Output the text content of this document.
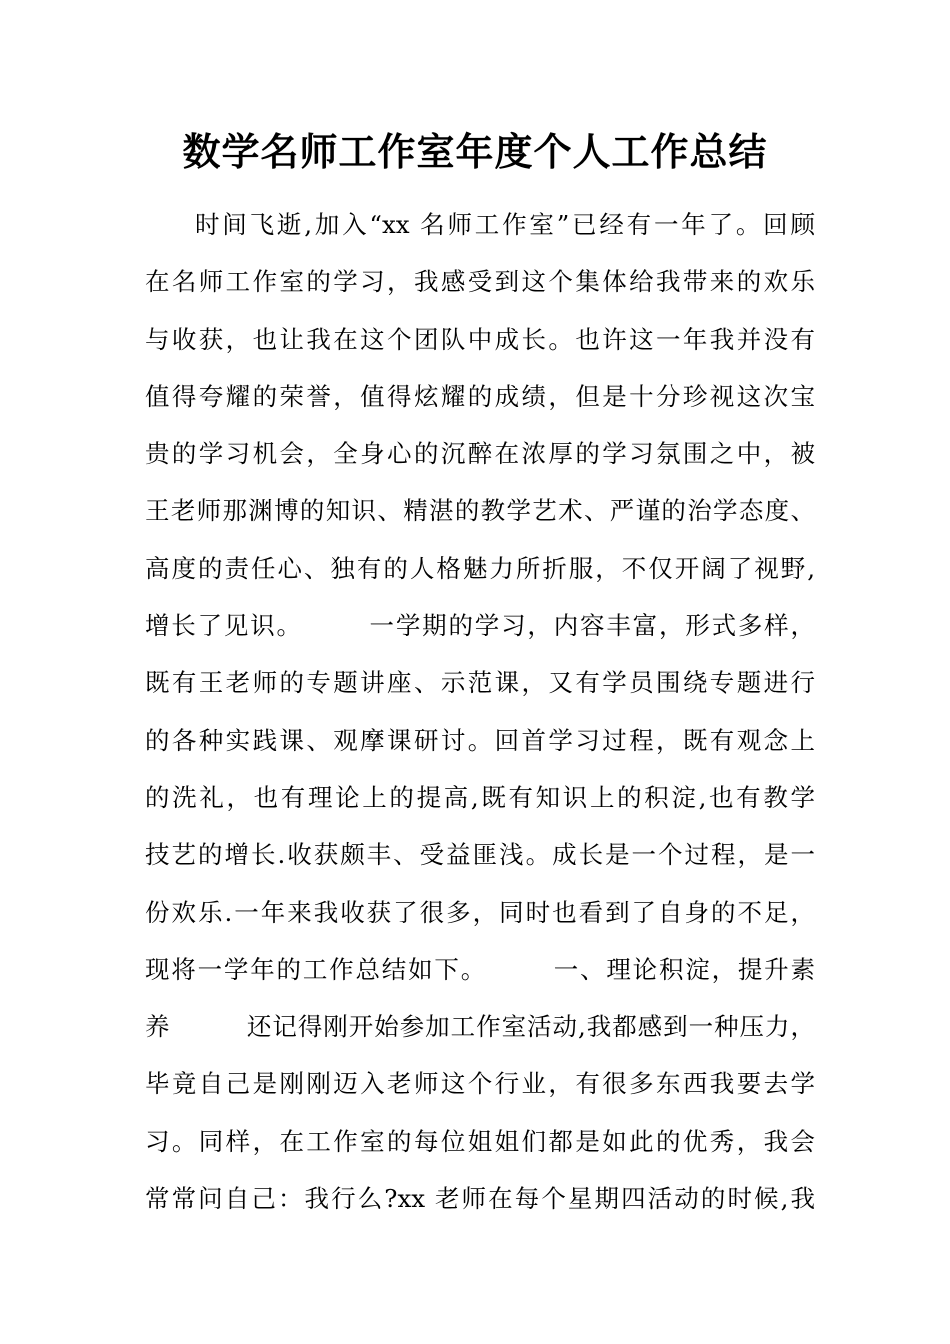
数学名师工作室年度个人工作总结
时间飞逝,加入“xx 名师工作室”已经有一年了。回顾
在名师工作室的学习，我感受到这个集体给我带来的欢乐
与收获，也让我在这个团队中成长。也许这一年我并没有
值得夸耀的荣誉，值得炫耀的成绩，但是十分珍视这次宝
贵的学习机会，全身心的沉醉在浓厚的学习氛围之中，被
王老师那渊博的知识、精湛的教学艺术、严谨的治学态度、
高度的责任心、独有的人格魅力所折服，不仅开阔了视野,
增长了见识。　　　一学期的学习，内容丰富，形式多样，
既有王老师的专题讲座、示范课，又有学员围绕专题进行
的各种实践课、观摩课研讨。回首学习过程，既有观念上
的洗礼，也有理论上的提高,既有知识上的积淀,也有教学
技艺的增长.收获颇丰、受益匪浅。成长是一个过程，是一
份欢乐.一年来我收获了很多，同时也看到了自身的不足，
现将一学年的工作总结如下。　　　一、理论积淀，提升素
养　　　还记得刚开始参加工作室活动,我都感到一种压力，
毕竟自己是刚刚迈入老师这个行业，有很多东西我要去学
习。同样，在工作室的每位姐姐们都是如此的优秀，我会
常常问自己：我行么?xx 老师在每个星期四活动的时候,我
